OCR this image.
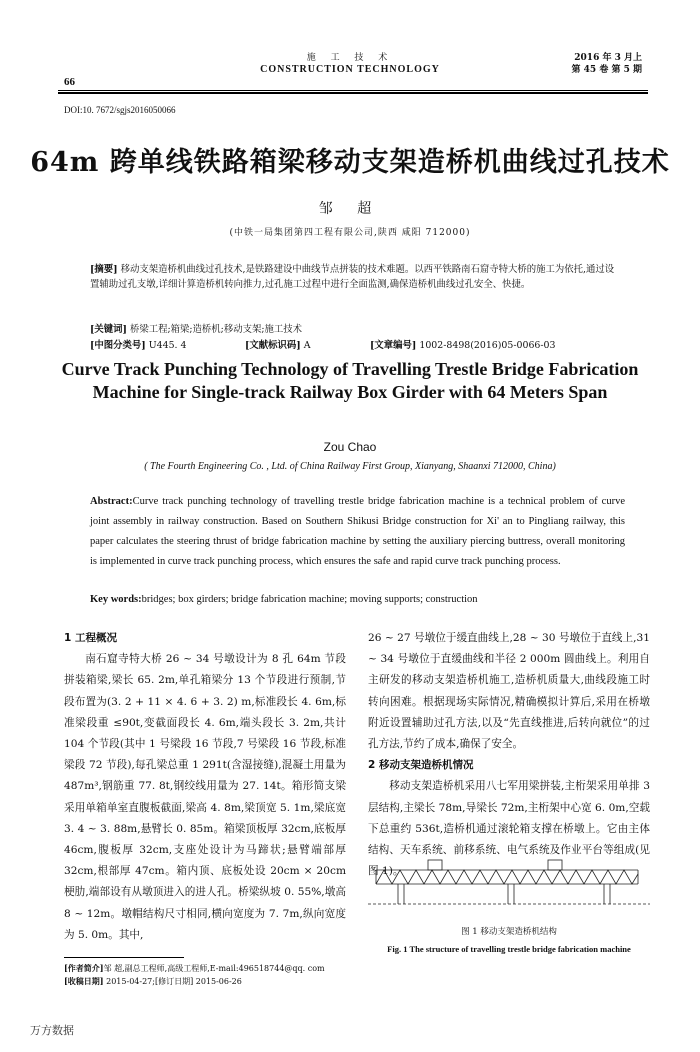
施 工 技 术
CONSTRUCTION TECHNOLOGY
66
2016 年 3 月上
第 45 卷 第 5 期
DOI:10. 7672/sgjs2016050066
64m 跨单线铁路箱梁移动支架造桥机曲线过孔技术
邹 超
(中铁一局集团第四工程有限公司,陕西 咸阳 712000)
[摘要] 移动支架造桥机曲线过孔技术,是铁路建设中曲线节点拼装的技术难题。以西平铁路南石窟寺特大桥的施工为依托,通过设置辅助过孔支墩,详细计算造桥机转向推力,过孔施工过程中进行全面监测,确保造桥机曲线过孔安全、快捷。
[关键词] 桥梁工程;箱梁;造桥机;移动支架;施工技术
[中图分类号] U445. 4	[文献标识码] A	[文章编号] 1002-8498(2016)05-0066-03
Curve Track Punching Technology of Travelling Trestle Bridge Fabrication Machine for Single-track Railway Box Girder with 64 Meters Span
Zou Chao
( The Fourth Engineering Co. , Ltd. of China Railway First Group, Xianyang, Shaanxi 712000, China)
Abstract:Curve track punching technology of travelling trestle bridge fabrication machine is a technical problem of curve joint assembly in railway construction. Based on Southern Shikusi Bridge construction for Xi' an to Pingliang railway, this paper calculates the steering thrust of bridge fabrication machine by setting the auxiliary piercing buttress, overall monitoring is implemented in curve track punching process, which ensures the safe and rapid curve track punching process.
Key words:bridges; box girders; bridge fabrication machine; moving supports; construction
1 工程概况

南石窟寺特大桥 26 ~ 34 号墩设计为 8 孔 64m 节段拼装箱梁,梁长 65. 2m,单孔箱梁分 13 个节段进行预制,节段布置为(3. 2 + 11 × 4. 6 + 3. 2) m,标准段长 4. 6m,标准梁段重 ≤90t,变截面段长 4. 6m,端头段长 3. 2m,共计 104 个节段(其中 1 号梁段 16 节段,7 号梁段 16 节段,标准梁段 72 节段),每孔梁总重 1 291t(含湿接缝),混凝土用量为 487m³,钢筋重 77. 8t,钢绞线用量为 27. 14t。箱形简支梁采用单箱单室直腹板截面,梁高 4. 8m,梁顶宽 5. 1m,梁底宽 3. 4 ~ 3. 88m,悬臂长 0. 85m。箱梁顶板厚 32cm,底板厚 46cm,腹板厚 32cm,支座处设计为马蹄状;悬臂端部厚 32cm,根部厚 47cm。箱内顶、底板处设 20cm × 20cm 梗肋,端部设有从墩顶进入的进人孔。桥梁纵坡 0. 55%,墩高 8 ~ 12m。墩帽结构尺寸相同,横向宽度为 7. 7m,纵向宽度为 5. 0m。其中,

26 ~ 27 号墩位于缓直曲线上,28 ~ 30 号墩位于直线上,31 ~ 34 号墩位于直缓曲线和半径 2 000m 圆曲线上。利用自主研发的移动支架造桥机施工,造桥机质量大,曲线段施工时转向困难。根据现场实际情况,精确模拟计算后,采用在桥墩附近设置辅助过孔方法,以及“先直线推进,后转向就位”的过孔方法,节约了成本,确保了安全。

2 移动支架造桥机情况

移动支架造桥机采用八七军用梁拼装,主桁架采用单排 3 层结构,主梁长 78m,导梁长 72m,主桁架中心宽 6. 0m,空载下总重约 536t,造桥机通过滚轮箱支撑在桥墩上。它由主体结构、天车系统、前移系统、电气系统及作业平台等组成(见图 1)。

图 1 移动支架造桥机结构
Fig. 1 The structure of travelling trestle bridge fabrication machine
[作者简介]邹 超,副总工程师,高级工程师,E-mail:496518744@qq. com
[收稿日期] 2015-04-27;[修订日期] 2015-06-26
万方数据
